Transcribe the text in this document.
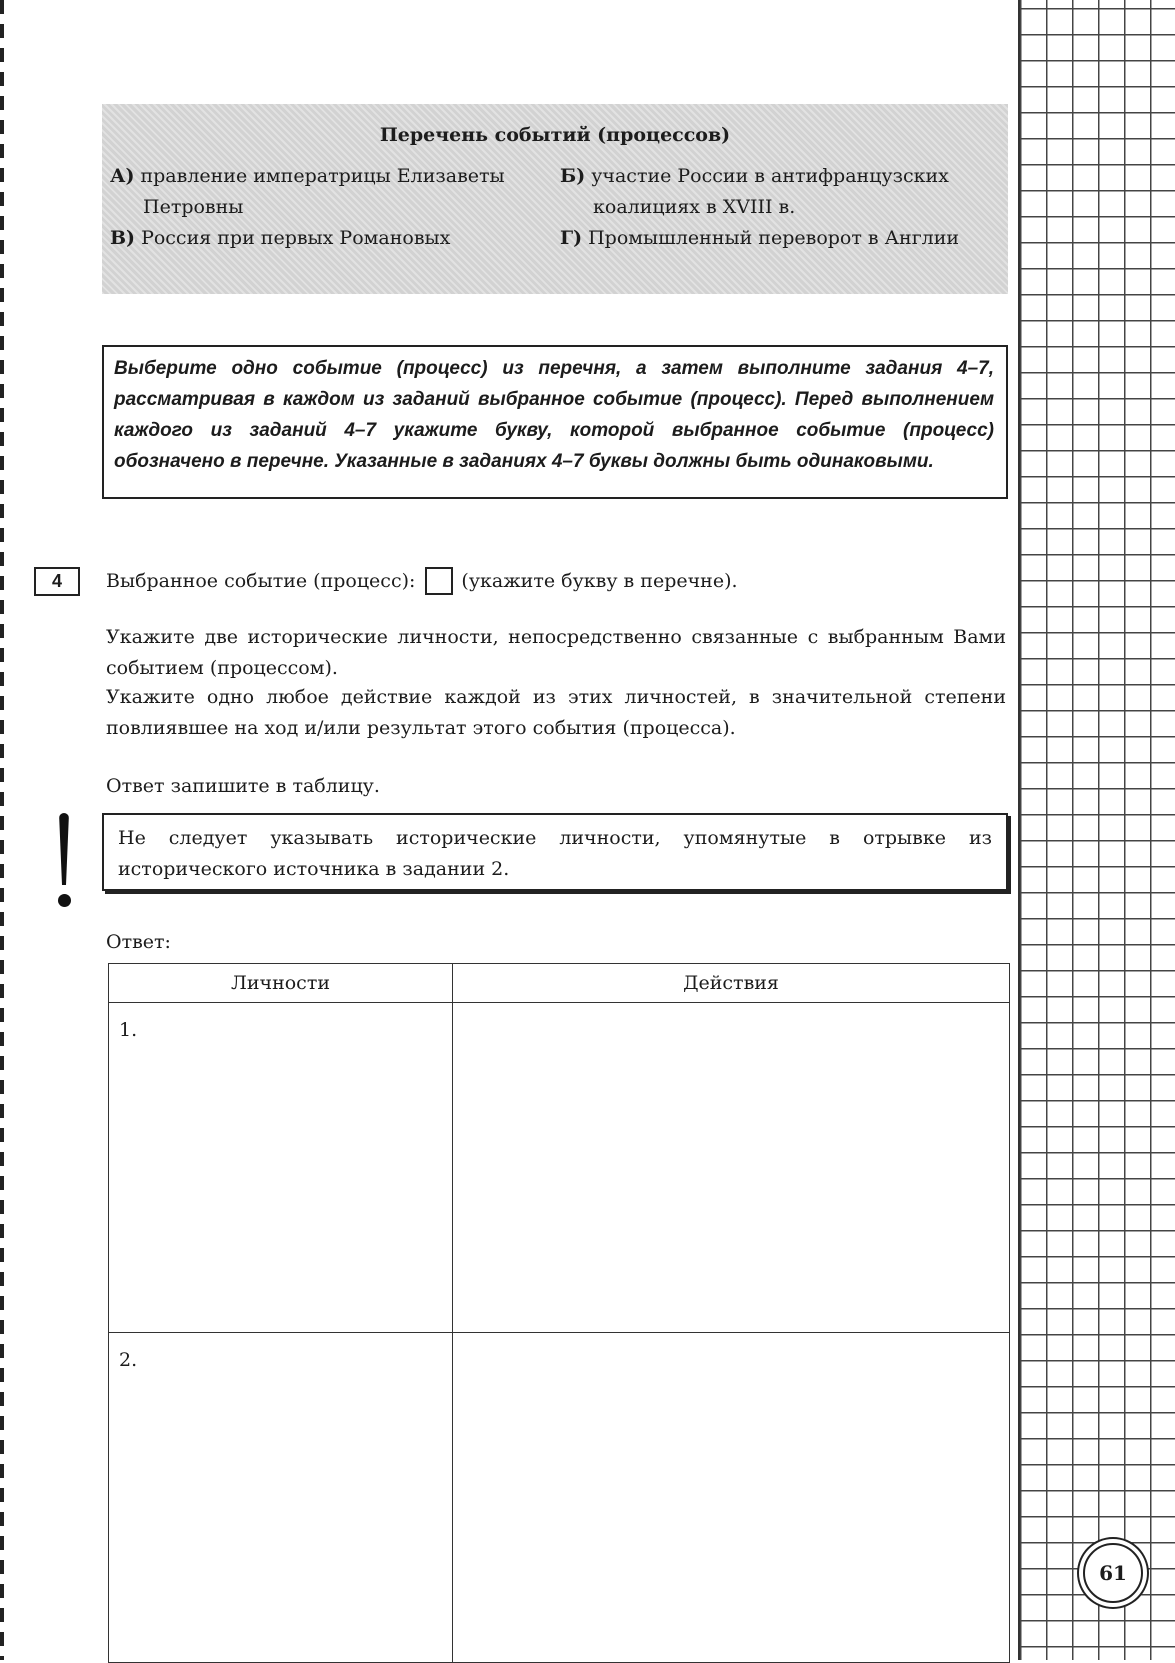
61
Перечень событий (процессов)
А) правление императрицы Елизаветы Петровны
Б) участие России в антифранцузских коалициях в XVIII в.
В) Россия при первых Романовых	Г) Промышленный переворот в Англии
Выберите одно событие (процесс) из перечня, а затем выполните задания 4–7, рассматривая в каждом из заданий выбранное событие (процесс). Перед выполнением каждого из заданий 4–7 укажите букву, которой выбранное событие (процесс) обозначено в перечне. Указанные в заданиях 4–7 буквы должны быть одинаковыми.
4	Выбранное событие (процесс): (укажите букву в перечне).
Укажите две исторические личности, непосредственно связанные с выбранным Вами событием (процессом).
Укажите одно любое действие каждой из этих личностей, в значительной степени повлиявшее на ход и/или результат этого события (процесса).
Ответ запишите в таблицу.
Не следует указывать исторические личности, упомянутые в отрывке из исторического источника в задании 2.
Ответ:
Личности	Действия
1.	
2.	
